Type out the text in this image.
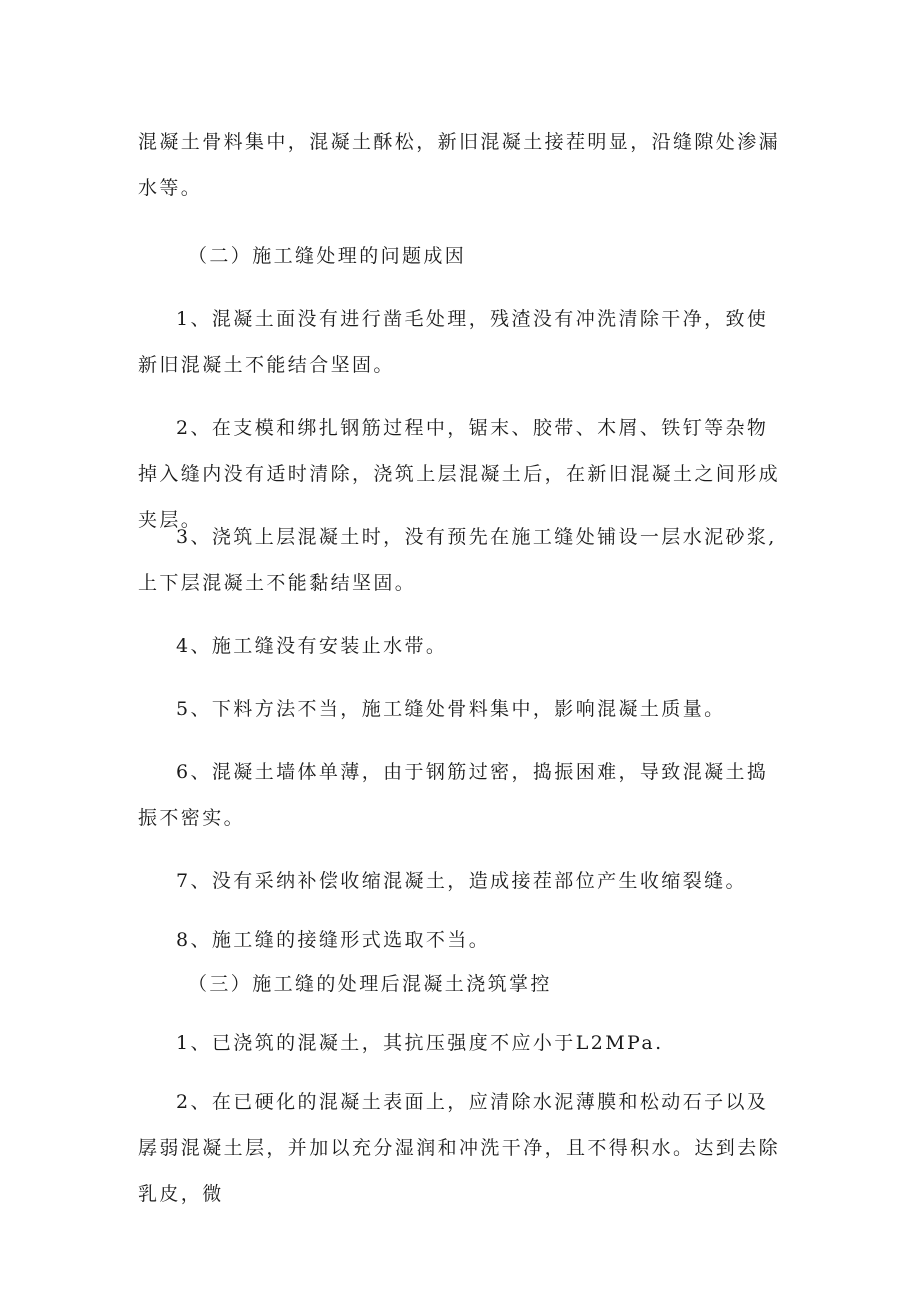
混凝土骨料集中，混凝土酥松，新旧混凝土接茬明显，沿缝隙处渗漏水等。

（二）施工缝处理的问题成因

1、混凝土面没有进行凿毛处理，残渣没有冲洗清除干净，致使新旧混凝土不能结合坚固。

2、在支模和绑扎钢筋过程中，锯末、胶带、木屑、铁钉等杂物掉入缝内没有适时清除，浇筑上层混凝土后，在新旧混凝土之间形成夹层。

3、浇筑上层混凝土时，没有预先在施工缝处铺设一层水泥砂浆,上下层混凝土不能黏结坚固。

4、施工缝没有安装止水带。

5、下料方法不当，施工缝处骨料集中，影响混凝土质量。

6、混凝土墙体单薄，由于钢筋过密，捣振困难，导致混凝土捣振不密实。

7、没有采纳补偿收缩混凝土，造成接茬部位产生收缩裂缝。

8、施工缝的接缝形式选取不当。

（三）施工缝的处理后混凝土浇筑掌控

1、已浇筑的混凝土，其抗压强度不应小于L2MPa.

2、在已硬化的混凝土表面上，应清除水泥薄膜和松动石子以及孱弱混凝土层，并加以充分湿润和冲洗干净，且不得积水。达到去除乳皮，微
